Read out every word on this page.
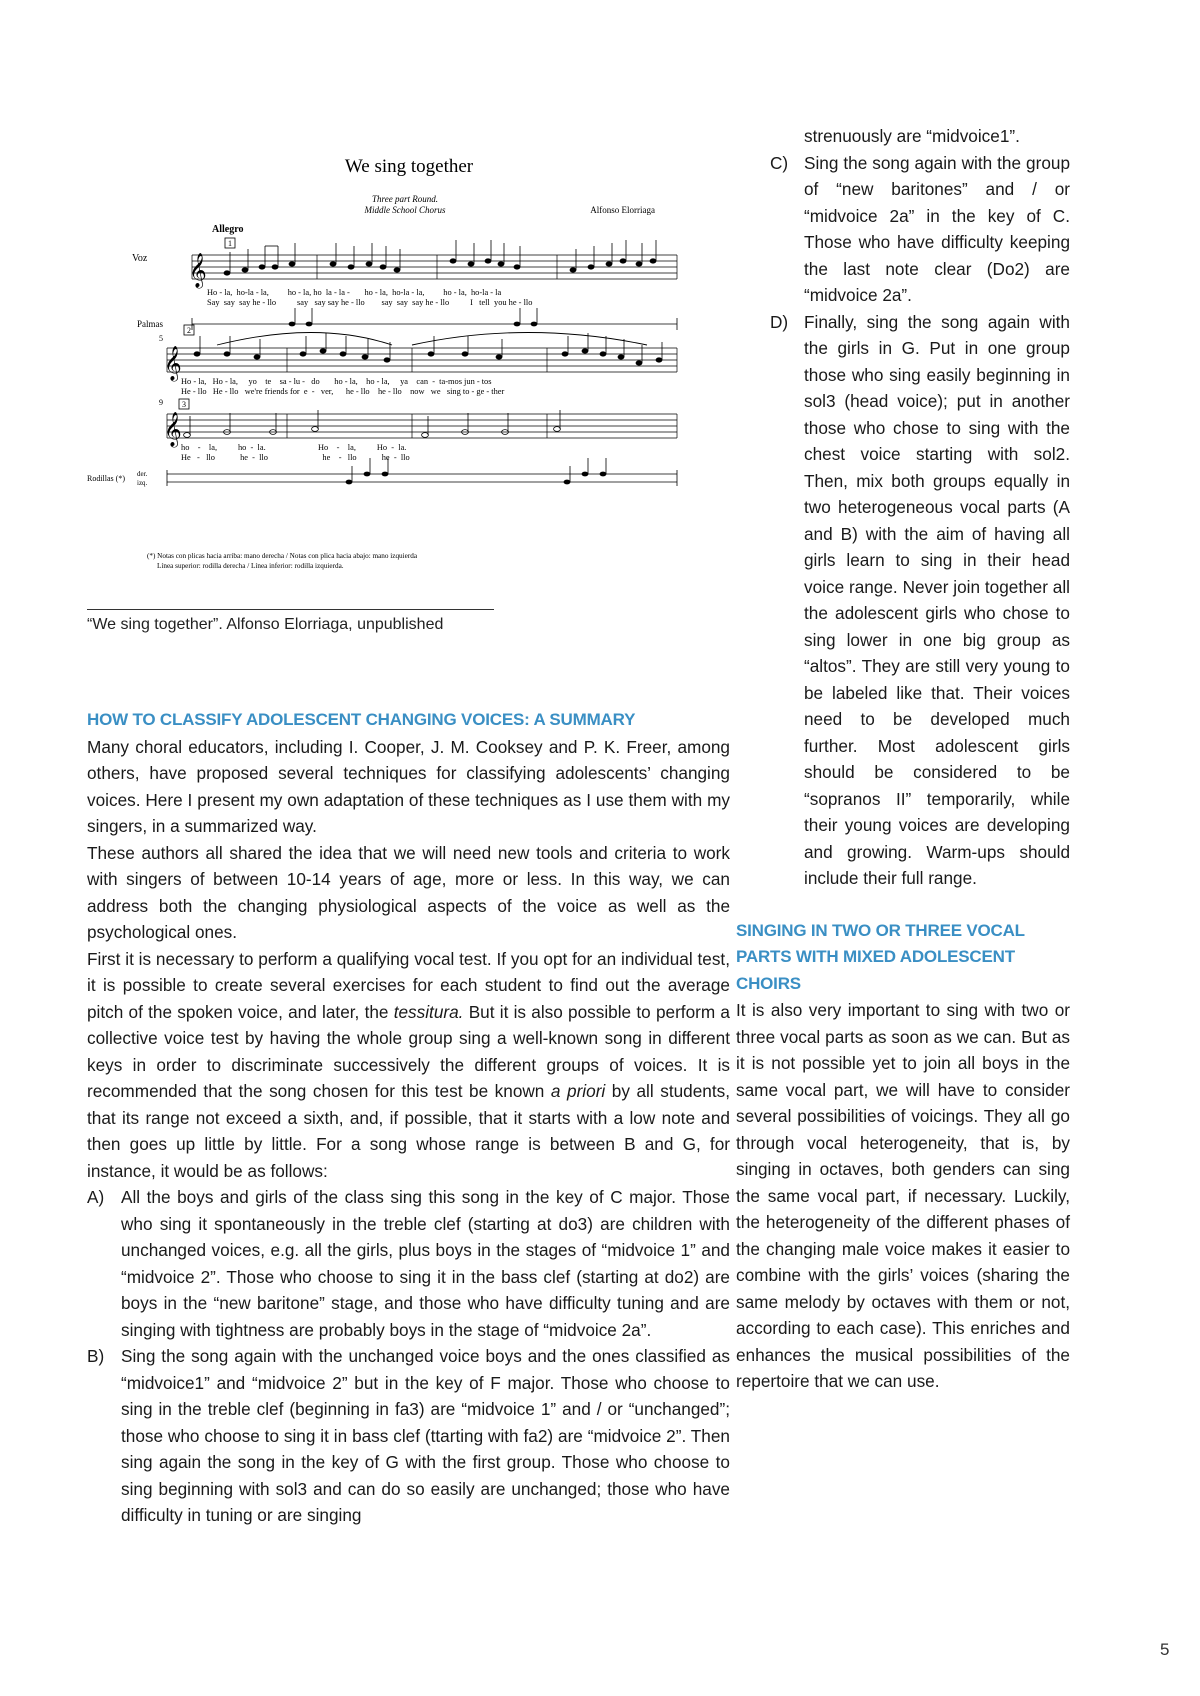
We sing together
Three part Round.
Middle School Chorus	Alfonso Elorriaga
Allegro
1
Voz 𝄞
Ho - la,  ho-la - la,         ho - la, ho  la - la -       ho - la,  ho-la - la,         ho - la,  ho-la - la
Say  say  say he - llo          say   say say he - llo        say  say  say he - llo          I   tell  you he - llo
Palmas
2
5
𝄞
Ho - la,   Ho - la,     yo    te    sa - lu -   do       ho - la,    ho - la,     ya    can  -  ta-mos jun - tos
He - llo   He - llo   we're friends for  e  -   ver,      he - llo    he - llo    now   we   sing to - ge - ther
9 3
𝄞
ho    -    la,          ho  -  la.                         Ho    -    la,          Ho  -  la.
He   -   llo            he  -  llo                          he    -   llo            he  -  llo
Rodillas (*) der.
izq.
(*) Notas con plicas hacia arriba: mano derecha / Notas con plica hacia abajo: mano izquierda
Línea superior: rodilla derecha / Línea inferior: rodilla izquierda.
“We sing together”. Alfonso Elorriaga, unpublished
HOW TO CLASSIFY ADOLESCENT CHANGING VOICES: A SUMMARY

Many choral educators, including I. Cooper, J. M. Cooksey and P. K. Freer, among others, have proposed several techniques for classifying adolescents’ changing voices. Here I present my own adaptation of these techniques as I use them with my singers, in a summarized way.

These authors all shared the idea that we will need new tools and criteria to work with singers of between 10-14 years of age, more or less. In this way, we can address both the changing physiological aspects of the voice as well as the psychological ones.

First it is necessary to perform a qualifying vocal test. If you opt for an individual test, it is possible to create several exercises for each student to find out the average pitch of the spoken voice, and later, the tessitura. But it is also possible to perform a collective voice test by having the whole group sing a well-known song in different keys in order to discriminate successively the different groups of voices. It is recommended that the song chosen for this test be known a priori by all students, that its range not exceed a sixth, and, if possible, that it starts with a low note and then goes up little by little. For a song whose range is between B and G, for instance, it would be as follows:

A) All the boys and girls of the class sing this song in the key of C major. Those who sing it spontaneously in the treble clef (starting at do3) are children with unchanged voices, e.g. all the girls, plus boys in the stages of “midvoice 1” and “midvoice 2”. Those who choose to sing it in the bass clef (starting at do2) are boys in the “new baritone” stage, and those who have difficulty tuning and are singing with tightness are probably boys in the stage of “midvoice 2a”.

B) Sing the song again with the unchanged voice boys and the ones classified as “midvoice1” and “midvoice 2” but in the key of F major. Those who choose to sing in the treble clef (beginning in fa3) are “midvoice 1” and / or “unchanged”; those who choose to sing it in bass clef (ttarting with fa2) are “midvoice 2”. Then sing again the song in the key of G with the first group. Those who choose to sing beginning with sol3 and can do so easily are unchanged; those who have difficulty in tuning or are singing

strenuously are “midvoice1”.

C) Sing the song again with the group of “new baritones” and / or “midvoice 2a” in the key of C. Those who have difficulty keeping the last note clear (Do2) are “midvoice 2a”.

D) Finally, sing the song again with the girls in G. Put in one group those who sing easily beginning in sol3 (head voice); put in another those who chose to sing with the chest voice starting with sol2. Then, mix both groups equally in two heterogeneous vocal parts (A and B) with the aim of having all girls learn to sing in their head voice range. Never join together all the adolescent girls who chose to sing lower in one big group as “altos”. They are still very young to be labeled like that. Their voices need to be developed much further. Most adolescent girls should be considered to be “sopranos II” temporarily, while their young voices are developing and growing. Warm-ups should include their full range.

SINGING IN TWO OR THREE VOCAL PARTS WITH MIXED ADOLESCENT CHOIRS

It is also very important to sing with two or three vocal parts as soon as we can. But as it is not possible yet to join all boys in the same vocal part, we will have to consider several possibilities of voicings. They all go through vocal heterogeneity, that is, by singing in octaves, both genders can sing the same vocal part, if necessary. Luckily, the heterogeneity of the different phases of the changing male voice makes it easier to combine with the girls’ voices (sharing the same melody by octaves with them or not, according to each case). This enriches and enhances the musical possibilities of the repertoire that we can use.

5
